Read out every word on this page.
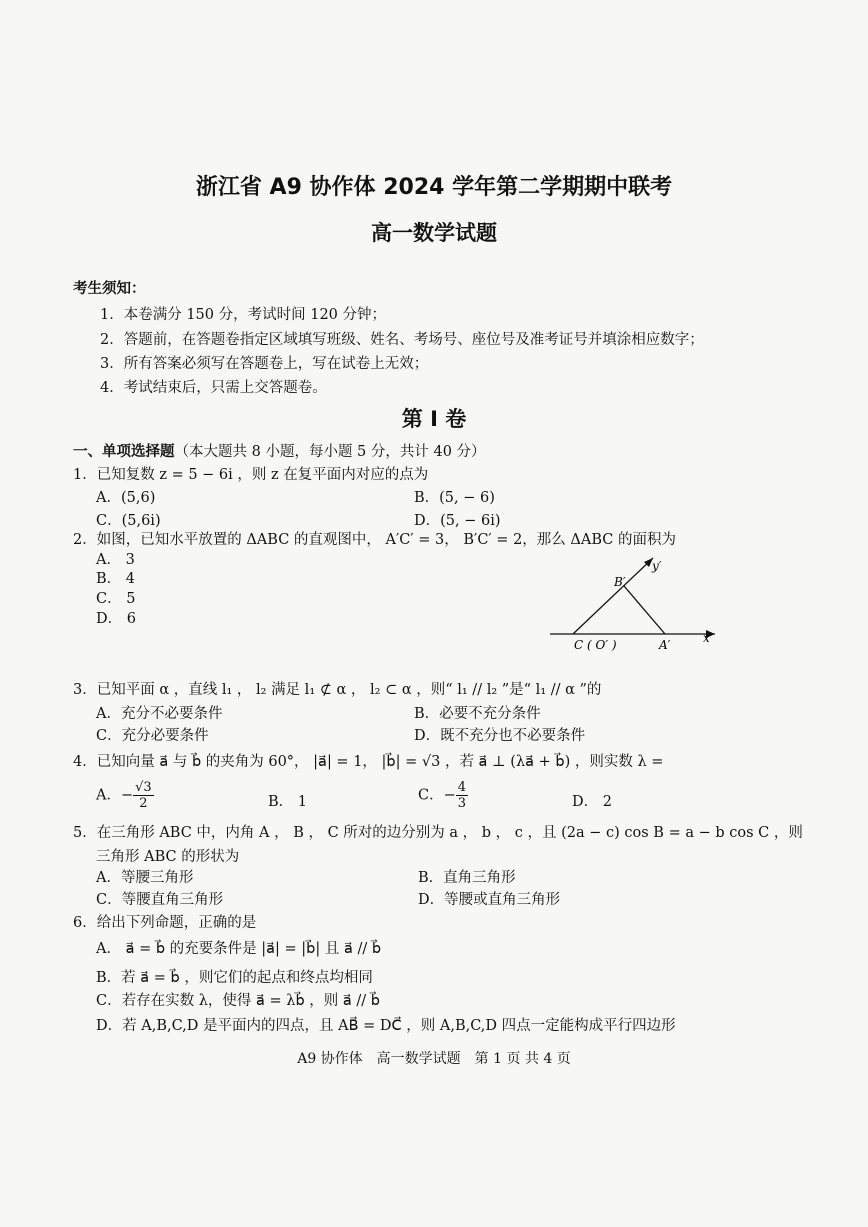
浙江省 A9 协作体 2024 学年第二学期期中联考
高一数学试题
考生须知：
1．本卷满分 150 分，考试时间 120 分钟；
2．答题前，在答题卷指定区域填写班级、姓名、考场号、座位号及准考证号并填涂相应数字；
3．所有答案必须写在答题卷上，写在试卷上无效；
4．考试结束后，只需上交答题卷。
第 I 卷
一、单项选择题（本大题共 8 小题，每小题 5 分，共计 40 分）
1．已知复数 z = 5 − 6i ，则 z 在复平面内对应的点为
A．(5,6)	B．(5, − 6)
C．(5,6i)	D．(5, − 6i)
2．如图，已知水平放置的 ΔABC 的直观图中， A′C′ = 3， B′C′ = 2，那么 ΔABC 的面积为
A． 3
B． 4
C． 5
D． 6
B′
y′
C ( O′ )	A′	x′
3．已知平面 α ，直线 l₁ ， l₂ 满足 l₁ ⊄ α ， l₂ ⊂ α ，则“ l₁ // l₂ ”是“ l₁ // α ”的
A．充分不必要条件	B．必要不充分条件
C．充分必要条件	D．既不充分也不必要条件
4．已知向量 a⃗ 与 b⃗ 的夹角为 60°， |a⃗| = 1， |b⃗| = √3 ，若 a⃗ ⊥ (λa⃗ + b⃗) ，则实数 λ =
A．− $\frac{√3}{2}$	B． 1	C．− $\frac{4}{3}$	D． 2
5．在三角形 ABC 中，内角 A ， B ， C 所对的边分别为 a ， b ， c ，且 (2a − c) cos B = a − b cos C ，则
三角形 ABC 的形状为
A．等腰三角形	B．直角三角形
C．等腰直角三角形	D．等腰或直角三角形
6．给出下列命题，正确的是
A． a⃗ = b⃗ 的充要条件是 |a⃗| = |b⃗| 且 a⃗ // b⃗
B．若 a⃗ = b⃗ ，则它们的起点和终点均相同
C．若存在实数 λ，使得 a⃗ = λb⃗ ，则 a⃗ // b⃗
D．若 A,B,C,D 是平面内的四点，且 AB⃗ = DC⃗ ，则 A,B,C,D 四点一定能构成平行四边形
A9 协作体　高一数学试题　第 1 页 共 4 页
